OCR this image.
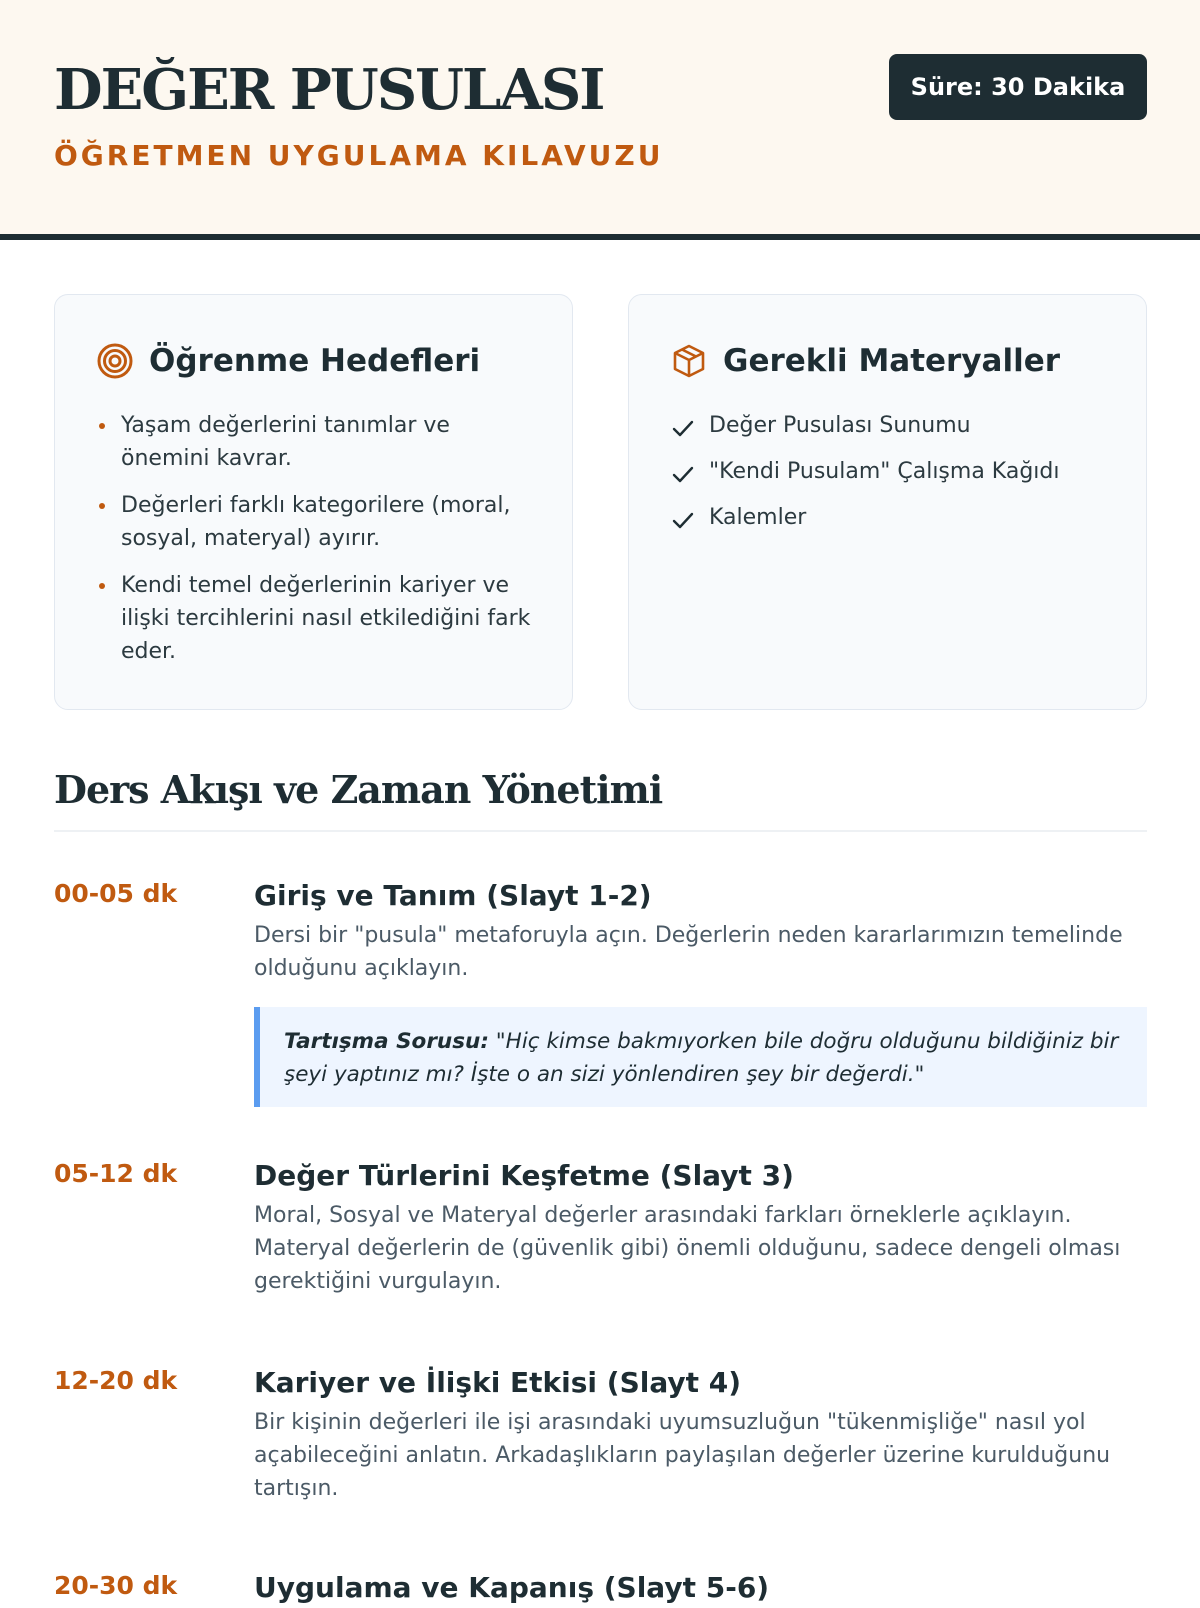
DEĞER PUSULASI
ÖĞRETMEN UYGULAMA KILAVUZU
Süre: 30 Dakika
Öğrenme Hedefleri
Yaşam değerlerini tanımlar ve önemini kavrar.
Değerleri farklı kategorilere (moral, sosyal, materyal) ayırır.
Kendi temel değerlerinin kariyer ve ilişki tercihlerini nasıl etkilediğini fark eder.
Gerekli Materyaller
Değer Pusulası Sunumu
"Kendi Pusulam" Çalışma Kağıdı
Kalemler
Ders Akışı ve Zaman Yönetimi
00-05 dk	Giriş ve Tanım (Slayt 1-2)
Dersi bir "pusula" metaforuyla açın. Değerlerin neden kararlarımızın temelinde olduğunu açıklayın.
Tartışma Sorusu: "Hiç kimse bakmıyorken bile doğru olduğunu bildiğiniz bir şeyi yaptınız mı? İşte o an sizi yönlendiren şey bir değerdi."
05-12 dk	Değer Türlerini Keşfetme (Slayt 3)
Moral, Sosyal ve Materyal değerler arasındaki farkları örneklerle açıklayın. Materyal değerlerin de (güvenlik gibi) önemli olduğunu, sadece dengeli olması gerektiğini vurgulayın.
12-20 dk	Kariyer ve İlişki Etkisi (Slayt 4)
Bir kişinin değerleri ile işi arasındaki uyumsuzluğun "tükenmişliğe" nasıl yol açabileceğini anlatın. Arkadaşlıkların paylaşılan değerler üzerine kurulduğunu tartışın.
20-30 dk	Uygulama ve Kapanış (Slayt 5-6)
